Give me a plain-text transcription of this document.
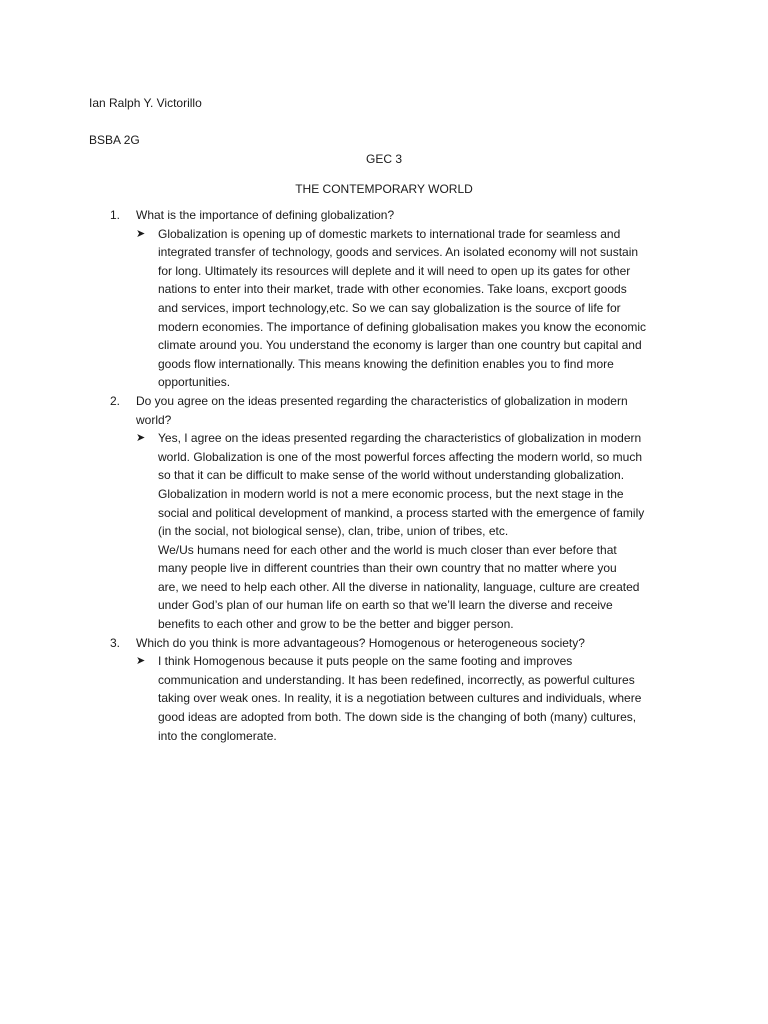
Ian Ralph Y. Victorillo
BSBA 2G
GEC 3
THE CONTEMPORARY WORLD
1. What is the importance of defining globalization?
➤ Globalization is opening up of domestic markets to international trade for seamless and
integrated transfer of technology, goods and services. An isolated economy will not sustain
for long. Ultimately its resources will deplete and it will need to open up its gates for other
nations to enter into their market, trade with other economies. Take loans, excport goods
and services, import technology,etc. So we can say globalization is the source of life for
modern economies. The importance of defining globalisation makes you know the economic
climate around you. You understand the economy is larger than one country but capital and
goods flow internationally. This means knowing the definition enables you to find more
opportunities.
2. Do you agree on the ideas presented regarding the characteristics of globalization in modern
world?
➤ Yes, I agree on the ideas presented regarding the characteristics of globalization in modern
world. Globalization is one of the most powerful forces affecting the modern world, so much
so that it can be difficult to make sense of the world without understanding globalization.
Globalization in modern world is not a mere economic process, but the next stage in the
social and political development of mankind, a process started with the emergence of family
(in the social, not biological sense), clan, tribe, union of tribes, etc.
We/Us humans need for each other and the world is much closer than ever before that
many people live in different countries than their own country that no matter where you
are, we need to help each other. All the diverse in nationality, language, culture are created
under God’s plan of our human life on earth so that we’ll learn the diverse and receive
benefits to each other and grow to be the better and bigger person.
3. Which do you think is more advantageous? Homogenous or heterogeneous society?
➤ I think Homogenous because it puts people on the same footing and improves
communication and understanding. It has been redefined, incorrectly, as powerful cultures
taking over weak ones. In reality, it is a negotiation between cultures and individuals, where
good ideas are adopted from both. The down side is the changing of both (many) cultures,
into the conglomerate.
